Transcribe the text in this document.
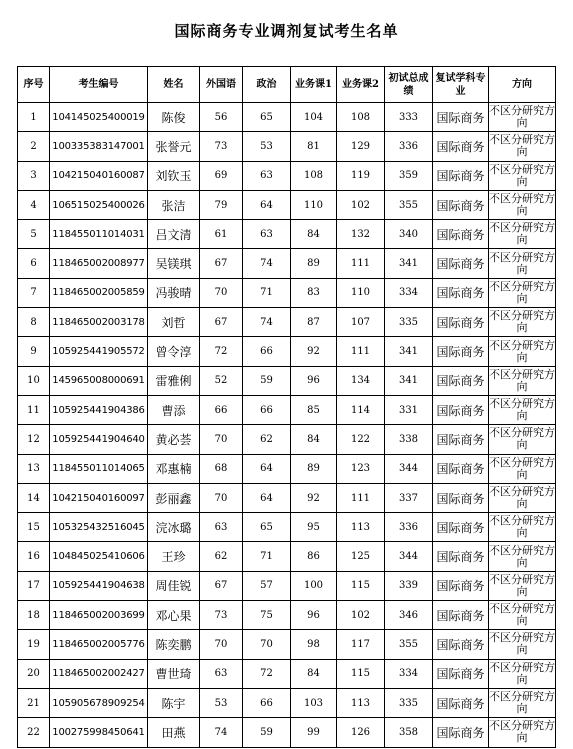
国际商务专业调剂复试考生名单
序号	考生编号	姓名	外国语	政治	业务课1	业务课2	初试总成绩	复试学科专业	方向
1	104145025400019	陈俊	56	65	104	108	333	国际商务	不区分研究方向
2	100335383147001	张誉元	73	53	81	129	336	国际商务	不区分研究方向
3	104215040160087	刘钦玉	69	63	108	119	359	国际商务	不区分研究方向
4	106515025400026	张洁	79	64	110	102	355	国际商务	不区分研究方向
5	118455011014031	吕文清	61	63	84	132	340	国际商务	不区分研究方向
6	118465002008977	吴镁琪	67	74	89	111	341	国际商务	不区分研究方向
7	118465002005859	冯骏晴	70	71	83	110	334	国际商务	不区分研究方向
8	118465002003178	刘哲	67	74	87	107	335	国际商务	不区分研究方向
9	105925441905572	曾令淳	72	66	92	111	341	国际商务	不区分研究方向
10	145965008000691	雷雅俐	52	59	96	134	341	国际商务	不区分研究方向
11	105925441904386	曹添	66	66	85	114	331	国际商务	不区分研究方向
12	105925441904640	黄必荟	70	62	84	122	338	国际商务	不区分研究方向
13	118455011014065	邓惠楠	68	64	89	123	344	国际商务	不区分研究方向
14	104215040160097	彭丽鑫	70	64	92	111	337	国际商务	不区分研究方向
15	105325432516045	浣冰璐	63	65	95	113	336	国际商务	不区分研究方向
16	104845025410606	王珍	62	71	86	125	344	国际商务	不区分研究方向
17	105925441904638	周佳锐	67	57	100	115	339	国际商务	不区分研究方向
18	118465002003699	邓心果	73	75	96	102	346	国际商务	不区分研究方向
19	118465002005776	陈奕鹏	70	70	98	117	355	国际商务	不区分研究方向
20	118465002002427	曹世琦	63	72	84	115	334	国际商务	不区分研究方向
21	105905678909254	陈宇	53	66	103	113	335	国际商务	不区分研究方向
22	100275998450641	田燕	74	59	99	126	358	国际商务	不区分研究方向
